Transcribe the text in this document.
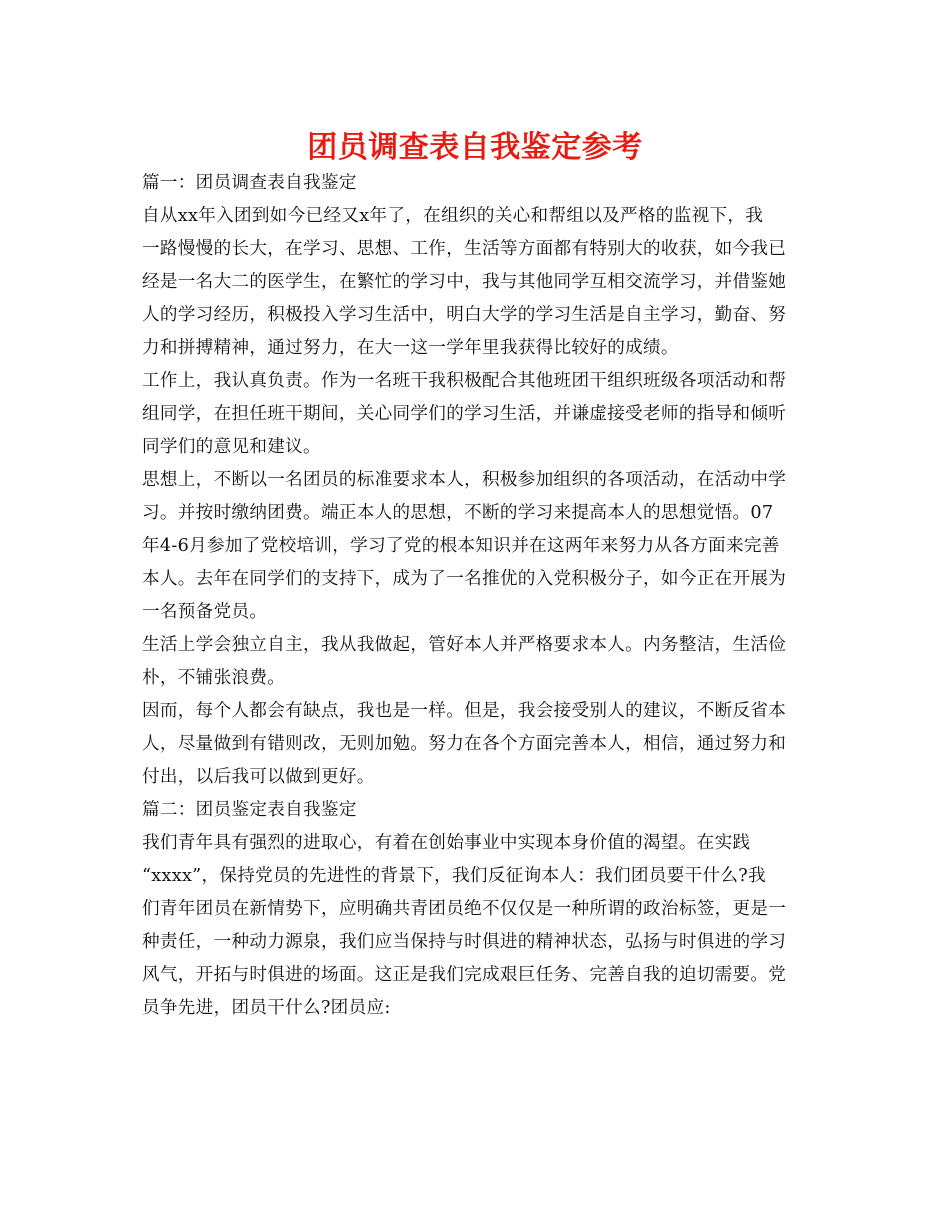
团员调查表自我鉴定参考
篇一：团员调查表自我鉴定
自从xx年入团到如今已经又x年了，在组织的关心和帮组以及严格的监视下，我
一路慢慢的长大，在学习、思想、工作，生活等方面都有特别大的收获，如今我已
经是一名大二的医学生，在繁忙的学习中，我与其他同学互相交流学习，并借鉴她
人的学习经历，积极投入学习生活中，明白大学的学习生活是自主学习，勤奋、努
力和拼搏精神，通过努力，在大一这一学年里我获得比较好的成绩。
工作上，我认真负责。作为一名班干我积极配合其他班团干组织班级各项活动和帮
组同学，在担任班干期间，关心同学们的学习生活，并谦虚接受老师的指导和倾听
同学们的意见和建议。
思想上，不断以一名团员的标准要求本人，积极参加组织的各项活动，在活动中学
习。并按时缴纳团费。端正本人的思想，不断的学习来提高本人的思想觉悟。07
年4-6月参加了党校培训，学习了党的根本知识并在这两年来努力从各方面来完善
本人。去年在同学们的支持下，成为了一名推优的入党积极分子，如今正在开展为
一名预备党员。
生活上学会独立自主，我从我做起，管好本人并严格要求本人。内务整洁，生活俭
朴，不铺张浪费。
因而，每个人都会有缺点，我也是一样。但是，我会接受别人的建议，不断反省本
人，尽量做到有错则改，无则加勉。努力在各个方面完善本人，相信，通过努力和
付出，以后我可以做到更好。
篇二：团员鉴定表自我鉴定
我们青年具有强烈的进取心，有着在创始事业中实现本身价值的渴望。在实践
“xxxx”，保持党员的先进性的背景下，我们反征询本人：我们团员要干什么?我
们青年团员在新情势下，应明确共青团员绝不仅仅是一种所谓的政治标签，更是一
种责任，一种动力源泉，我们应当保持与时俱进的精神状态，弘扬与时俱进的学习
风气，开拓与时俱进的场面。这正是我们完成艰巨任务、完善自我的迫切需要。党
员争先进，团员干什么?团员应:
